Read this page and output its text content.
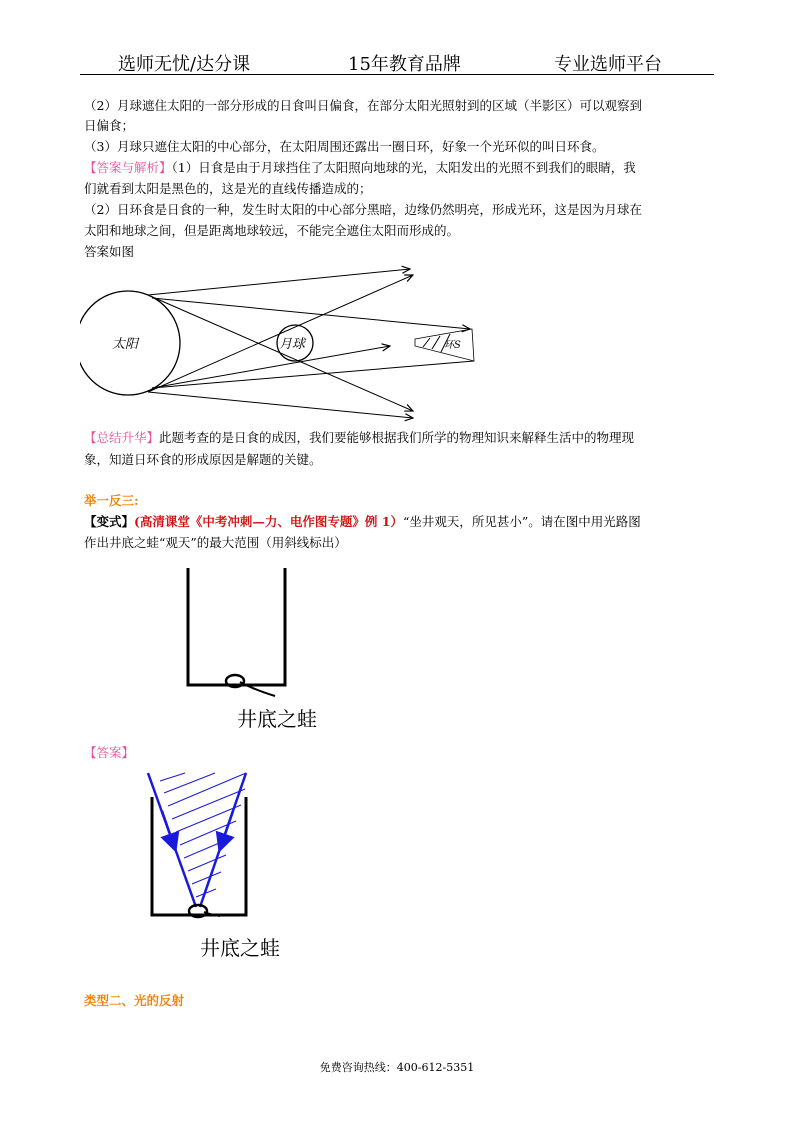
选师无忧/达分课	15年教育品牌	专业选师平台
（2）月球遮住太阳的一部分形成的日食叫日偏食，在部分太阳光照射到的区域（半影区）可以观察到
日偏食；
（3）月球只遮住太阳的中心部分，在太阳周围还露出一圈日环，好象一个光环似的叫日环食。
【答案与解析】（1）日食是由于月球挡住了太阳照向地球的光，太阳发出的光照不到我们的眼睛，我
们就看到太阳是黑色的，这是光的直线传播造成的；
（2）日环食是日食的一种，发生时太阳的中心部分黑暗，边缘仍然明亮，形成光环，这是因为月球在
太阳和地球之间，但是距离地球较远，不能完全遮住太阳而形成的。
答案如图
太阳	月球	环S
【总结升华】此题考查的是日食的成因，我们要能够根据我们所学的物理知识来解释生活中的物理现
象，知道日环食的形成原因是解题的关键。
举一反三:
【变式】(高清课堂《中考冲刺—力、电作图专题》例 1）“坐井观天，所见甚小”。请在图中用光路图
作出井底之蛙“观天”的最大范围（用斜线标出）
井底之蛙
【答案】
井底之蛙
类型二、光的反射
免费咨询热线：400-612-5351
